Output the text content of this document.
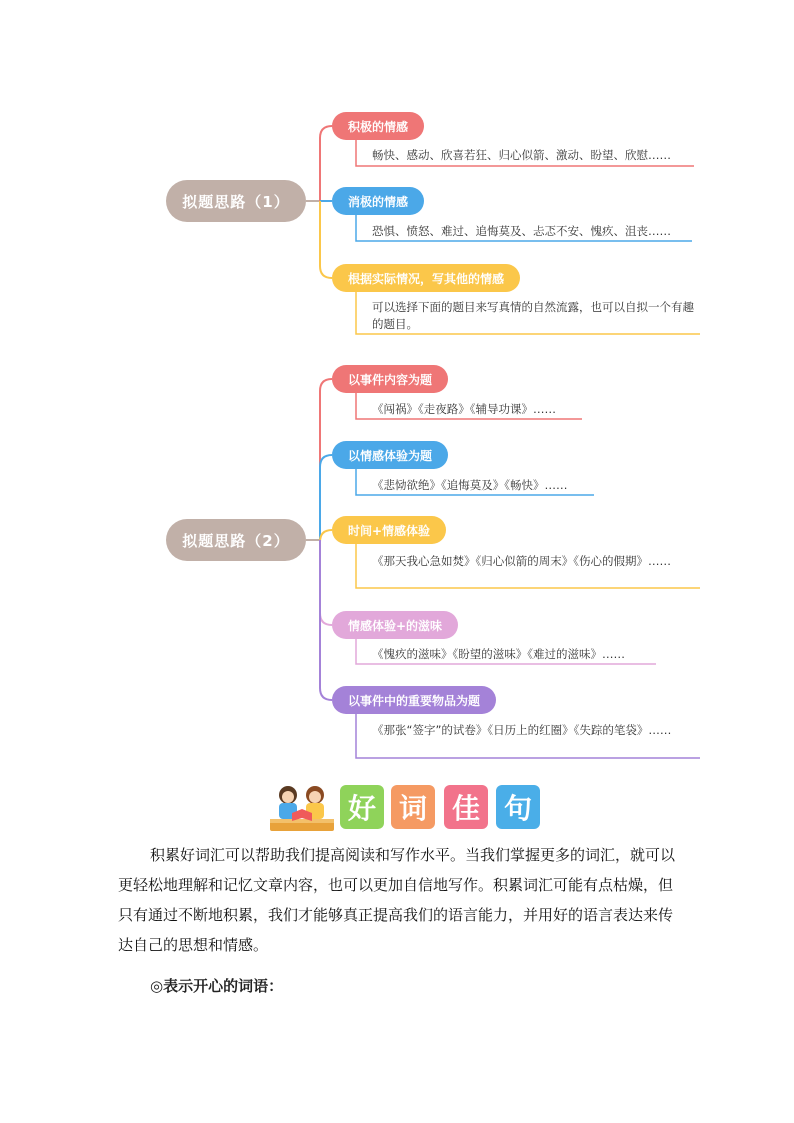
拟题思路（1）
积极的情感
畅快、感动、欣喜若狂、归心似箭、激动、盼望、欣慰……
消极的情感
恐惧、愤怒、难过、追悔莫及、忐忑不安、愧疚、沮丧……
根据实际情况，写其他的情感
可以选择下面的题目来写真情的自然流露，也可以自拟一个有趣的题目。
拟题思路（2）
以事件内容为题
《闯祸》《走夜路》《辅导功课》……
以情感体验为题
《悲恸欲绝》《追悔莫及》《畅快》……
时间+情感体验
《那天我心急如焚》《归心似箭的周末》《伤心的假期》……
情感体验+的滋味
《愧疚的滋味》《盼望的滋味》《难过的滋味》……
以事件中的重要物品为题
《那张“签字”的试卷》《日历上的红圈》《失踪的笔袋》……
好 词 佳 句
积累好词汇可以帮助我们提高阅读和写作水平。当我们掌握更多的词汇，就可以更轻松地理解和记忆文章内容，也可以更加自信地写作。积累词汇可能有点枯燥，但只有通过不断地积累，我们才能够真正提高我们的语言能力，并用好的语言表达来传达自己的思想和情感。
◎表示开心的词语：
